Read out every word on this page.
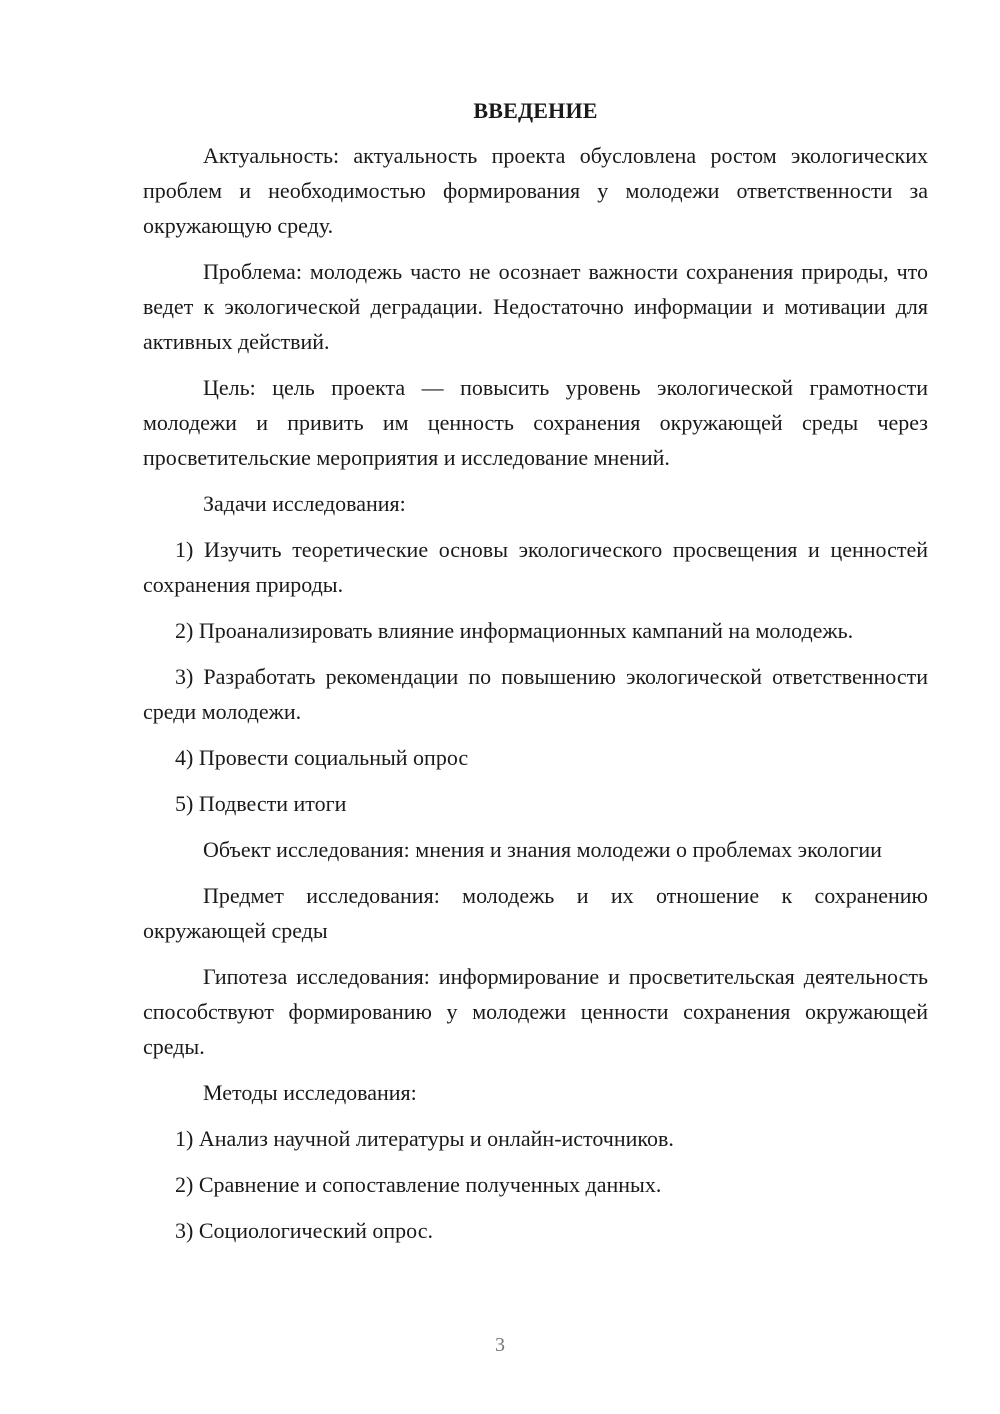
ВВЕДЕНИЕ

Актуальность: актуальность проекта обусловлена ростом экологических проблем и необходимостью формирования у молодежи ответственности за окружающую среду.

Проблема: молодежь часто не осознает важности сохранения природы, что ведет к экологической деградации. Недостаточно информации и мотивации для активных действий.

Цель: цель проекта — повысить уровень экологической грамотности молодежи и привить им ценность сохранения окружающей среды через просветительские мероприятия и исследование мнений.

Задачи исследования:

1) Изучить теоретические основы экологического просвещения и ценностей сохранения природы.

2) Проанализировать влияние информационных кампаний на молодежь.

3) Разработать рекомендации по повышению экологической ответственности среди молодежи.

4) Провести социальный опрос

5) Подвести итоги

Объект исследования: мнения и знания молодежи о проблемах экологии

Предмет исследования: молодежь и их отношение к сохранению окружающей среды

Гипотеза исследования: информирование и просветительская деятельность способствуют формированию у молодежи ценности сохранения окружающей среды.

Методы исследования:

1) Анализ научной литературы и онлайн-источников.

2) Сравнение и сопоставление полученных данных.

3) Социологический опрос.

3
